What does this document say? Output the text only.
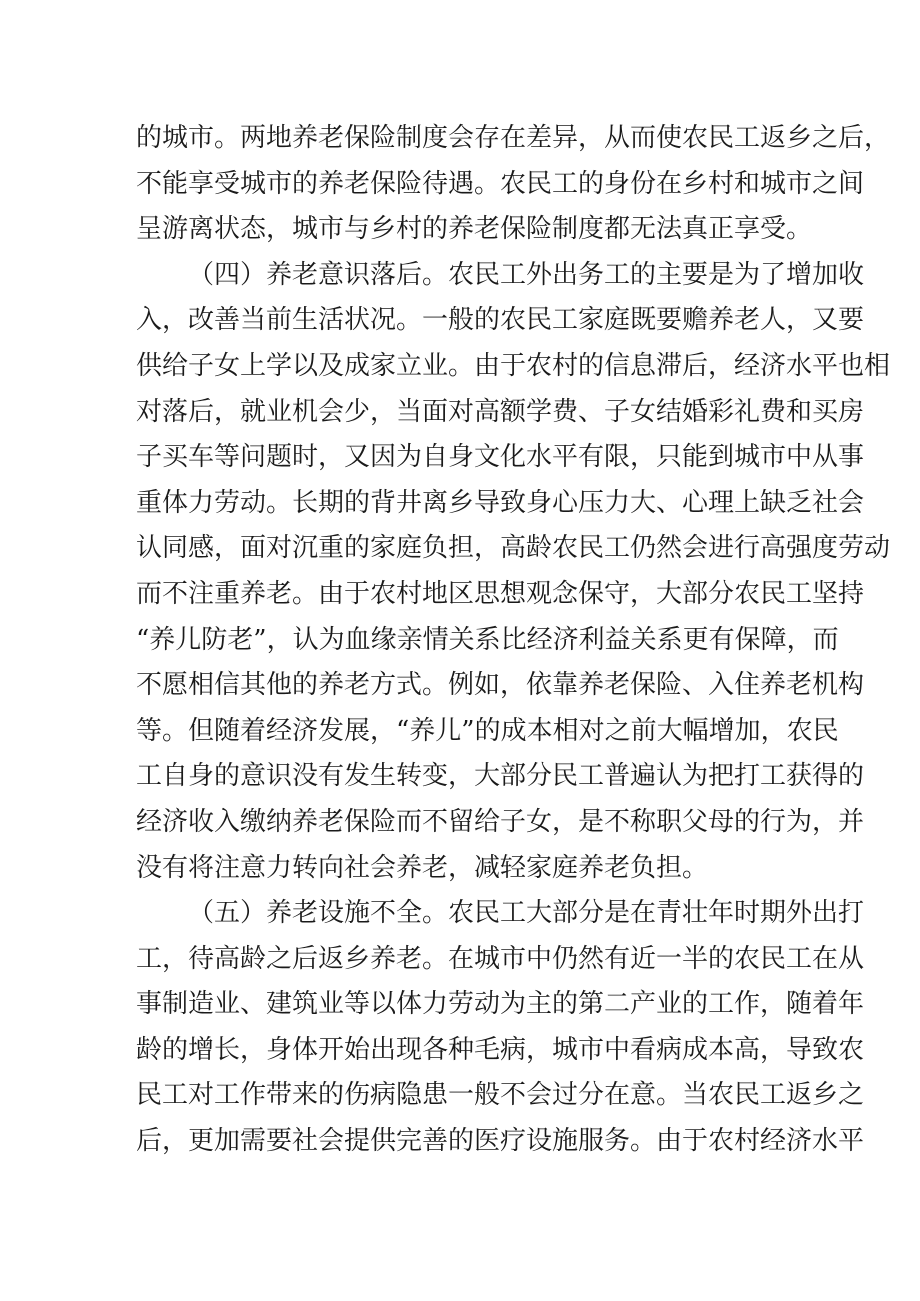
的城市。两地养老保险制度会存在差异，从而使农民工返乡之后，
不能享受城市的养老保险待遇。农民工的身份在乡村和城市之间
呈游离状态，城市与乡村的养老保险制度都无法真正享受。
（四）养老意识落后。农民工外出务工的主要是为了增加收
入，改善当前生活状况。一般的农民工家庭既要赡养老人，又要
供给子女上学以及成家立业。由于农村的信息滞后，经济水平也相
对落后，就业机会少，当面对高额学费、子女结婚彩礼费和买房
子买车等问题时，又因为自身文化水平有限，只能到城市中从事
重体力劳动。长期的背井离乡导致身心压力大、心理上缺乏社会
认同感，面对沉重的家庭负担，高龄农民工仍然会进行高强度劳动
而不注重养老。由于农村地区思想观念保守，大部分农民工坚持
“养儿防老”，认为血缘亲情关系比经济利益关系更有保障，而
不愿相信其他的养老方式。例如，依靠养老保险、入住养老机构
等。但随着经济发展，“养儿”的成本相对之前大幅增加，农民
工自身的意识没有发生转变，大部分民工普遍认为把打工获得的
经济收入缴纳养老保险而不留给子女，是不称职父母的行为，并
没有将注意力转向社会养老，减轻家庭养老负担。
（五）养老设施不全。农民工大部分是在青壮年时期外出打
工，待高龄之后返乡养老。在城市中仍然有近一半的农民工在从
事制造业、建筑业等以体力劳动为主的第二产业的工作，随着年
龄的增长，身体开始出现各种毛病，城市中看病成本高，导致农
民工对工作带来的伤病隐患一般不会过分在意。当农民工返乡之
后，更加需要社会提供完善的医疗设施服务。由于农村经济水平
